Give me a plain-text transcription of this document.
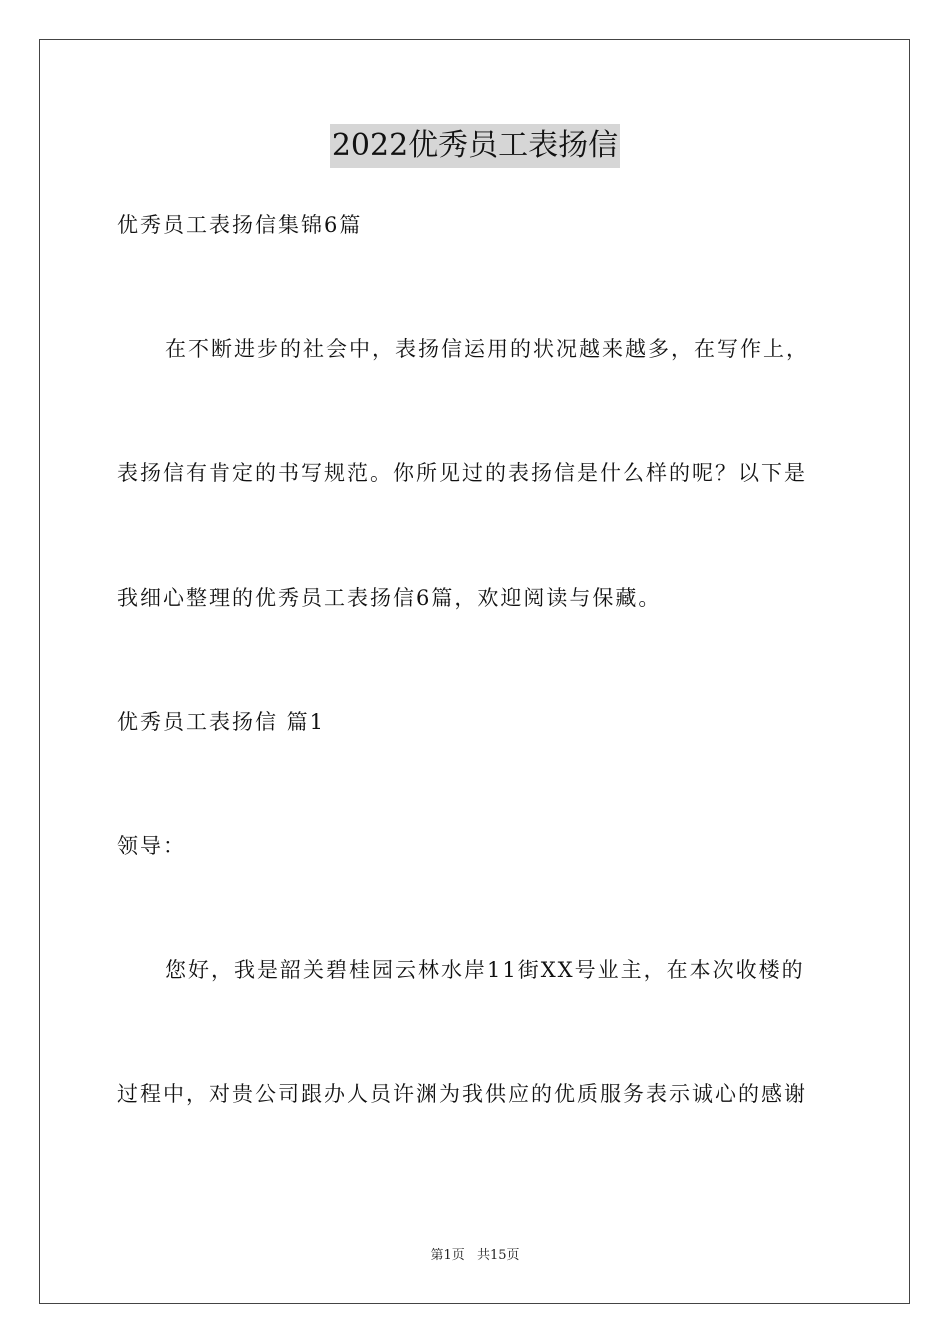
2022优秀员工表扬信
优秀员工表扬信集锦6篇
在不断进步的社会中，表扬信运用的状况越来越多，在写作上，
表扬信有肯定的书写规范。你所见过的表扬信是什么样的呢？以下是
我细心整理的优秀员工表扬信6篇，欢迎阅读与保藏。
优秀员工表扬信 篇1
领导：
您好，我是韶关碧桂园云林水岸11街XX号业主，在本次收楼的
过程中，对贵公司跟办人员许渊为我供应的优质服务表示诚心的感谢
第1页 共15页
